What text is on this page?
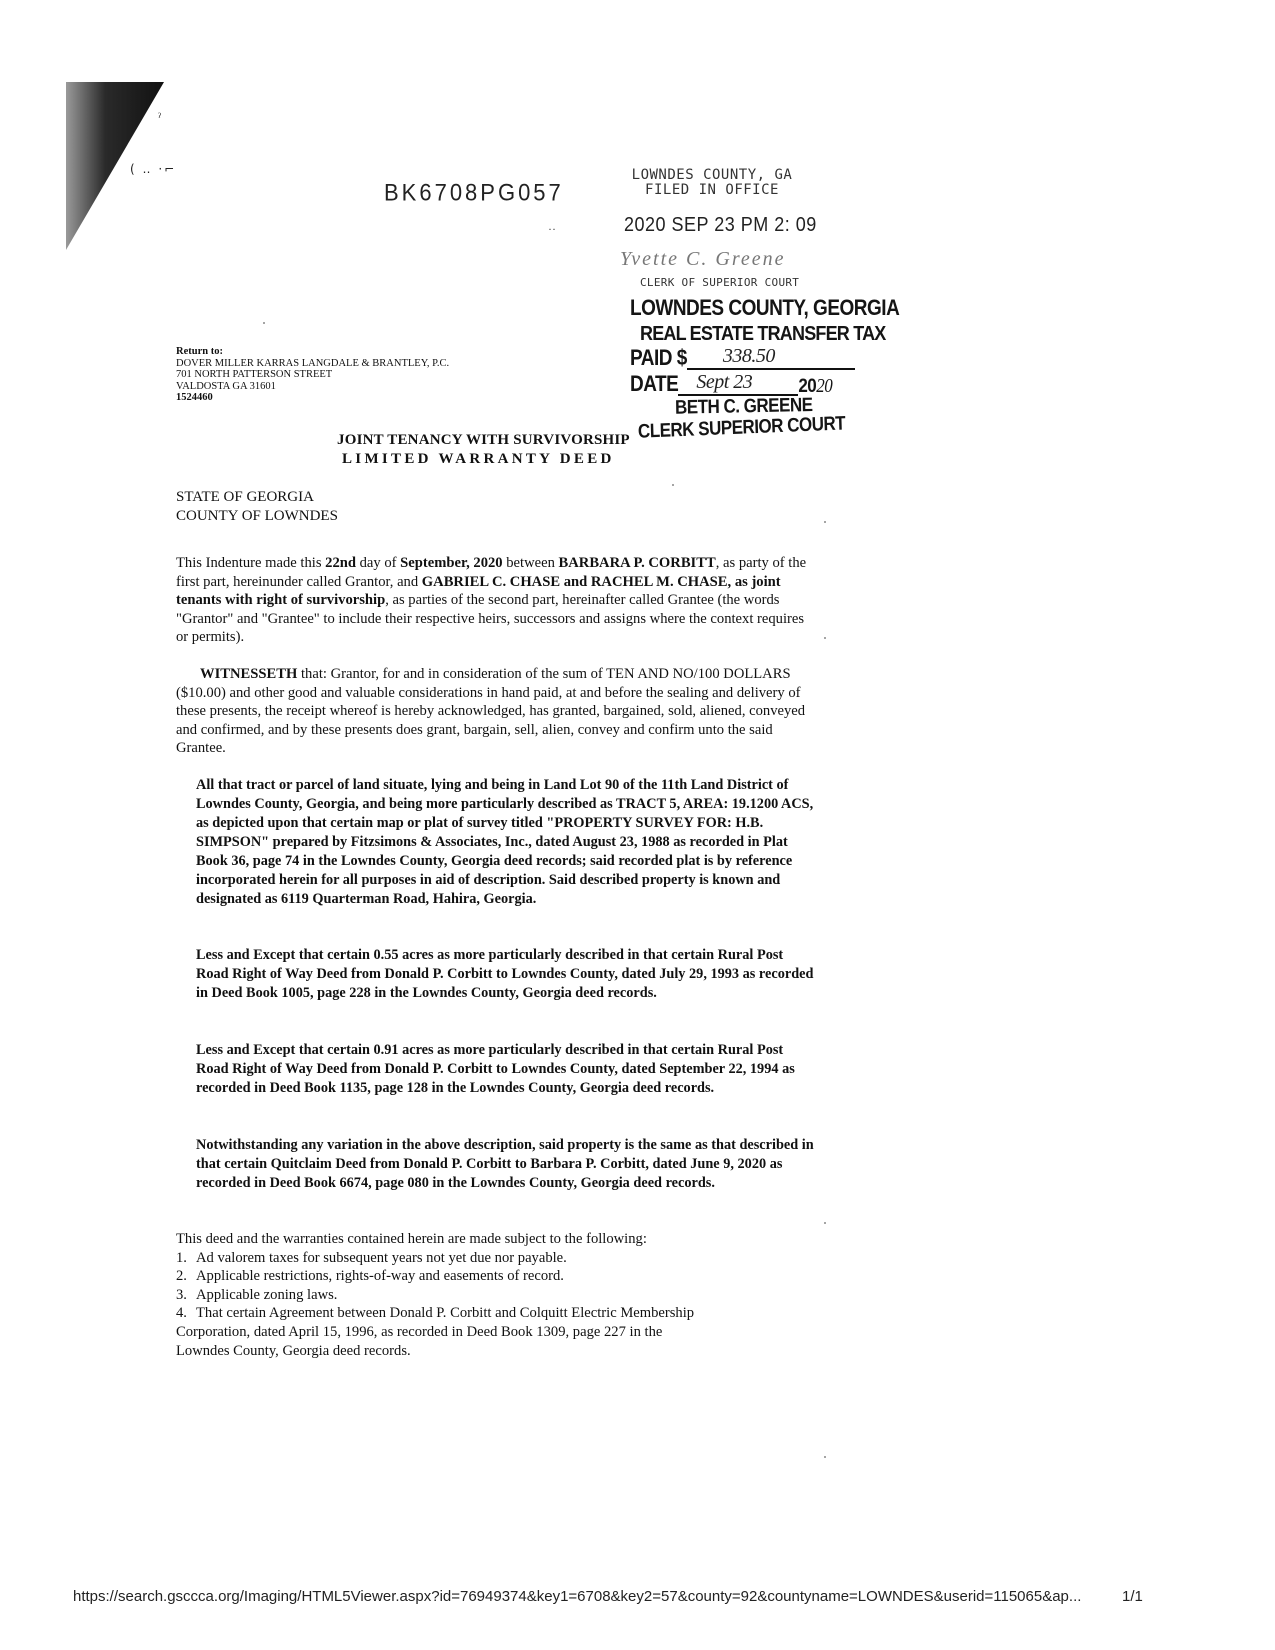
( ‥ ·⌐
ˀ
BK6708PG057
··
LOWNDES COUNTY, GA
FILED IN OFFICE
2020 SEP 23 PM 2: 09
Yvette C. Greene
CLERK OF SUPERIOR COURT
LOWNDES COUNTY, GEORGIA
REAL ESTATE TRANSFER TAX
PAID $ 338.50
DATE Sept 23	20 20
BETH C. GREENE
CLERK SUPERIOR COURT
Return to:
DOVER MILLER KARRAS LANGDALE & BRANTLEY, P.C.
701 NORTH PATTERSON STREET
VALDOSTA GA 31601
1524460
JOINT TENANCY WITH SURVIVORSHIP
LIMITED WARRANTY DEED
STATE OF GEORGIA
COUNTY OF LOWNDES
This Indenture made this 22nd day of September, 2020 between BARBARA P. CORBITT, as party of the first part, hereinunder called Grantor, and GABRIEL C. CHASE and RACHEL M. CHASE, as joint tenants with right of survivorship, as parties of the second part, hereinafter called Grantee (the words "Grantor" and "Grantee" to include their respective heirs, successors and assigns where the context requires or permits).
WITNESSETH that: Grantor, for and in consideration of the sum of TEN AND NO/100 DOLLARS ($10.00) and other good and valuable considerations in hand paid, at and before the sealing and delivery of these presents, the receipt whereof is hereby acknowledged, has granted, bargained, sold, aliened, conveyed and confirmed, and by these presents does grant, bargain, sell, alien, convey and confirm unto the said Grantee.
All that tract or parcel of land situate, lying and being in Land Lot 90 of the 11th Land District of Lowndes County, Georgia, and being more particularly described as TRACT 5, AREA: 19.1200 ACS, as depicted upon that certain map or plat of survey titled "PROPERTY SURVEY FOR: H.B. SIMPSON" prepared by Fitzsimons & Associates, Inc., dated August 23, 1988 as recorded in Plat Book 36, page 74 in the Lowndes County, Georgia deed records; said recorded plat is by reference incorporated herein for all purposes in aid of description. Said described property is known and designated as 6119 Quarterman Road, Hahira, Georgia.
Less and Except that certain 0.55 acres as more particularly described in that certain Rural Post Road Right of Way Deed from Donald P. Corbitt to Lowndes County, dated July 29, 1993 as recorded in Deed Book 1005, page 228 in the Lowndes County, Georgia deed records.
Less and Except that certain 0.91 acres as more particularly described in that certain Rural Post Road Right of Way Deed from Donald P. Corbitt to Lowndes County, dated September 22, 1994 as recorded in Deed Book 1135, page 128 in the Lowndes County, Georgia deed records.
Notwithstanding any variation in the above description, said property is the same as that described in that certain Quitclaim Deed from Donald P. Corbitt to Barbara P. Corbitt, dated June 9, 2020 as recorded in Deed Book 6674, page 080 in the Lowndes County, Georgia deed records.
This deed and the warranties contained herein are made subject to the following:
1. Ad valorem taxes for subsequent years not yet due nor payable.
2. Applicable restrictions, rights-of-way and easements of record.
3. Applicable zoning laws.
4. That certain Agreement between Donald P. Corbitt and Colquitt Electric Membership
Corporation, dated April 15, 1996, as recorded in Deed Book 1309, page 227 in the
Lowndes County, Georgia deed records.
https://search.gsccca.org/Imaging/HTML5Viewer.aspx?id=76949374&key1=6708&key2=57&county=92&countyname=LOWNDES&userid=115065&ap...	1/1
